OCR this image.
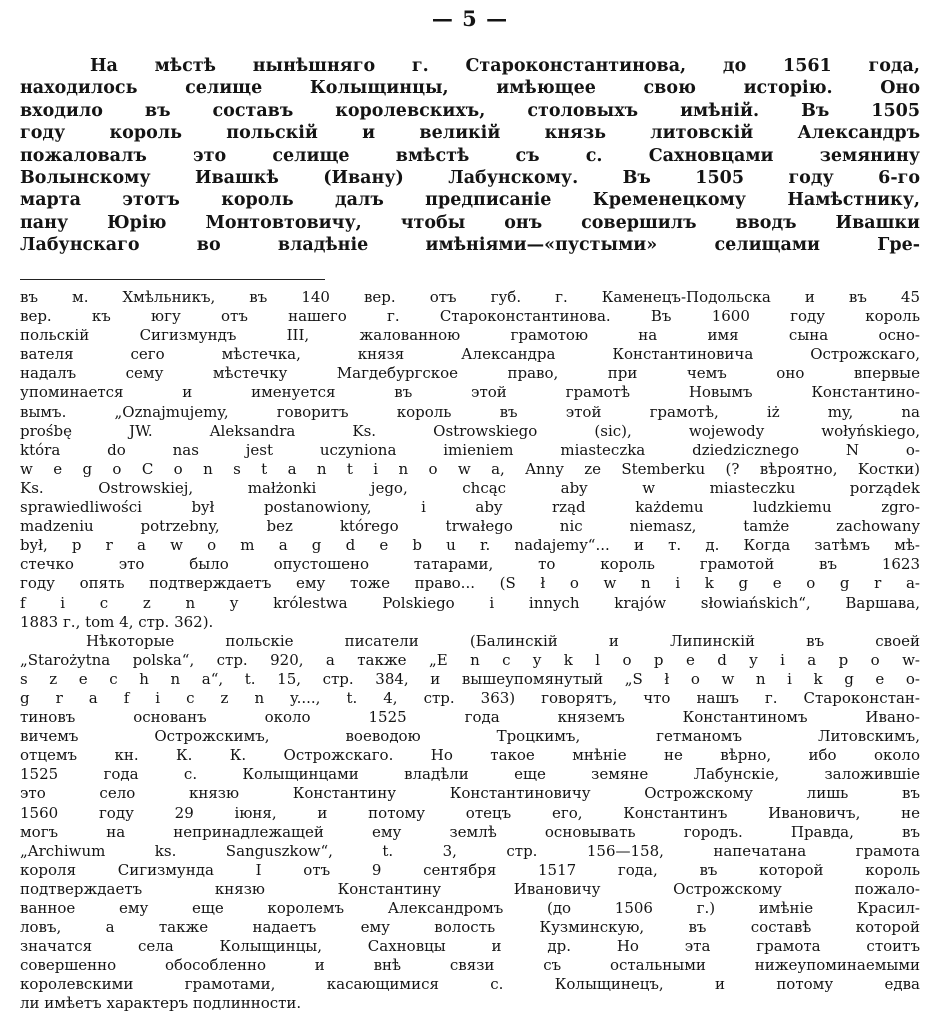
— 5 —
На мѣстѣ нынѣшняго г. Староконстантинова, до 1561 года,
находилось селище Колыщинцы, имѣющее свою исторію. Оно
входило въ составъ королевскихъ, столовыхъ имѣній. Въ 1505
году король польскій и великій князь литовскій Александръ
пожаловалъ это селище вмѣстѣ съ с. Сахновцами земянину
Волынскому Ивашкѣ (Ивану) Лабунскому. Въ 1505 году 6-го
марта этотъ король далъ предписаніе Кременецкому Намѣстнику,
пану Юрію Монтовтовичу, чтобы онъ совершилъ вводъ Ивашки
Лабунскаго во владѣніе имѣніями—«пустыми» селищами Гре-
въ м. Хмѣльникъ, въ 140 вер. отъ губ. г. Каменецъ-Подольска и въ 45
вер. къ югу отъ нашего г. Староконстантинова. Въ 1600 году король
польскій Сигизмундъ III, жалованною грамотою на имя сына осно-
вателя сего мѣстечка, князя Александра Константиновича Острожскаго,
надалъ сему мѣстечку Магдебургское право, при чемъ оно впервые
упоминается и именуется въ этой грамотѣ Новымъ Константино-
вымъ. „Oznajmujemy, говоритъ король въ этой грамотѣ, iż my, na
prośbę JW. Aleksandra Ks. Ostrowskiego (sic), wojewody wołyńskiego,
która do nas jest uczyniona imieniem miasteczka dziedzicznego N o-
w e g o C o n s t a n t i n o w a, Anny ze Stemberku (? вѣроятно, Kостки)
Ks. Ostrowskiej, małżonki jego, chcąc aby w miasteczku porządek
sprawiedliwości był postanowiony, i aby rząd każdemu ludzkiemu zgro-
madzeniu potrzebny, bez którego trwałego nic niemasz, tamże zachowany
był, p r a w o m a g d e b u r. nadajemy“... и т. д. Когда затѣмъ мѣ-
стечко это было опустошено татарами, то король грамотой въ 1623
году опять подтверждаетъ ему тоже право... (S ł o w n i k g e o g r a-
f i c z n y królestwa Polskiego i innych krajów słowiańskich“, Варшава,
1883 г., tom 4, стр. 362).
Нѣкоторые польскіе писатели (Балинскій и Липинскій въ своей
„Starożytna polska“, стр. 920, а также „E n c y k l o p e d y i a p o w-
s z e c h n a“, t. 15, стр. 384, и вышеупомянутый „S ł o w n i k g e o-
g r a f i c z n y...., t. 4, стр. 363) говорятъ, что нашъ г. Староконстан-
тиновъ основанъ около 1525 года княземъ Константиномъ Ивано-
вичемъ Острожскимъ, воеводою Троцкимъ, гетманомъ Литовскимъ,
отцемъ кн. К. К. Острожскаго. Но такое мнѣніе не вѣрно, ибо около
1525 года с. Колыщинцами владѣли еще земяне Лабунскіе, заложившіе
это село князю Константину Константиновичу Острожскому лишь въ
1560 году 29 іюня, и потому отецъ его, Константинъ Ивановичъ, не
могъ на непринадлежащей ему землѣ основывать городъ. Правда, въ
„Archiwum ks. Sanguszkow“, t. 3, стр. 156—158, напечатана грамота
короля Сигизмунда I отъ 9 сентября 1517 года, въ которой король
подтверждаетъ князю Константину Ивановичу Острожскому пожало-
ванное ему еще королемъ Александромъ (до 1506 г.) имѣніе Красил-
ловъ, а также надаетъ ему волость Кузминскую, въ составѣ которой
значатся села Колыщинцы, Сахновцы и др. Но эта грамота стоитъ
совершенно обособленно и внѣ связи съ остальными нижеупоминаемыми
королевскими грамотами, касающимися с. Колыщинецъ, и потому едва
ли имѣетъ характеръ подлинности.
